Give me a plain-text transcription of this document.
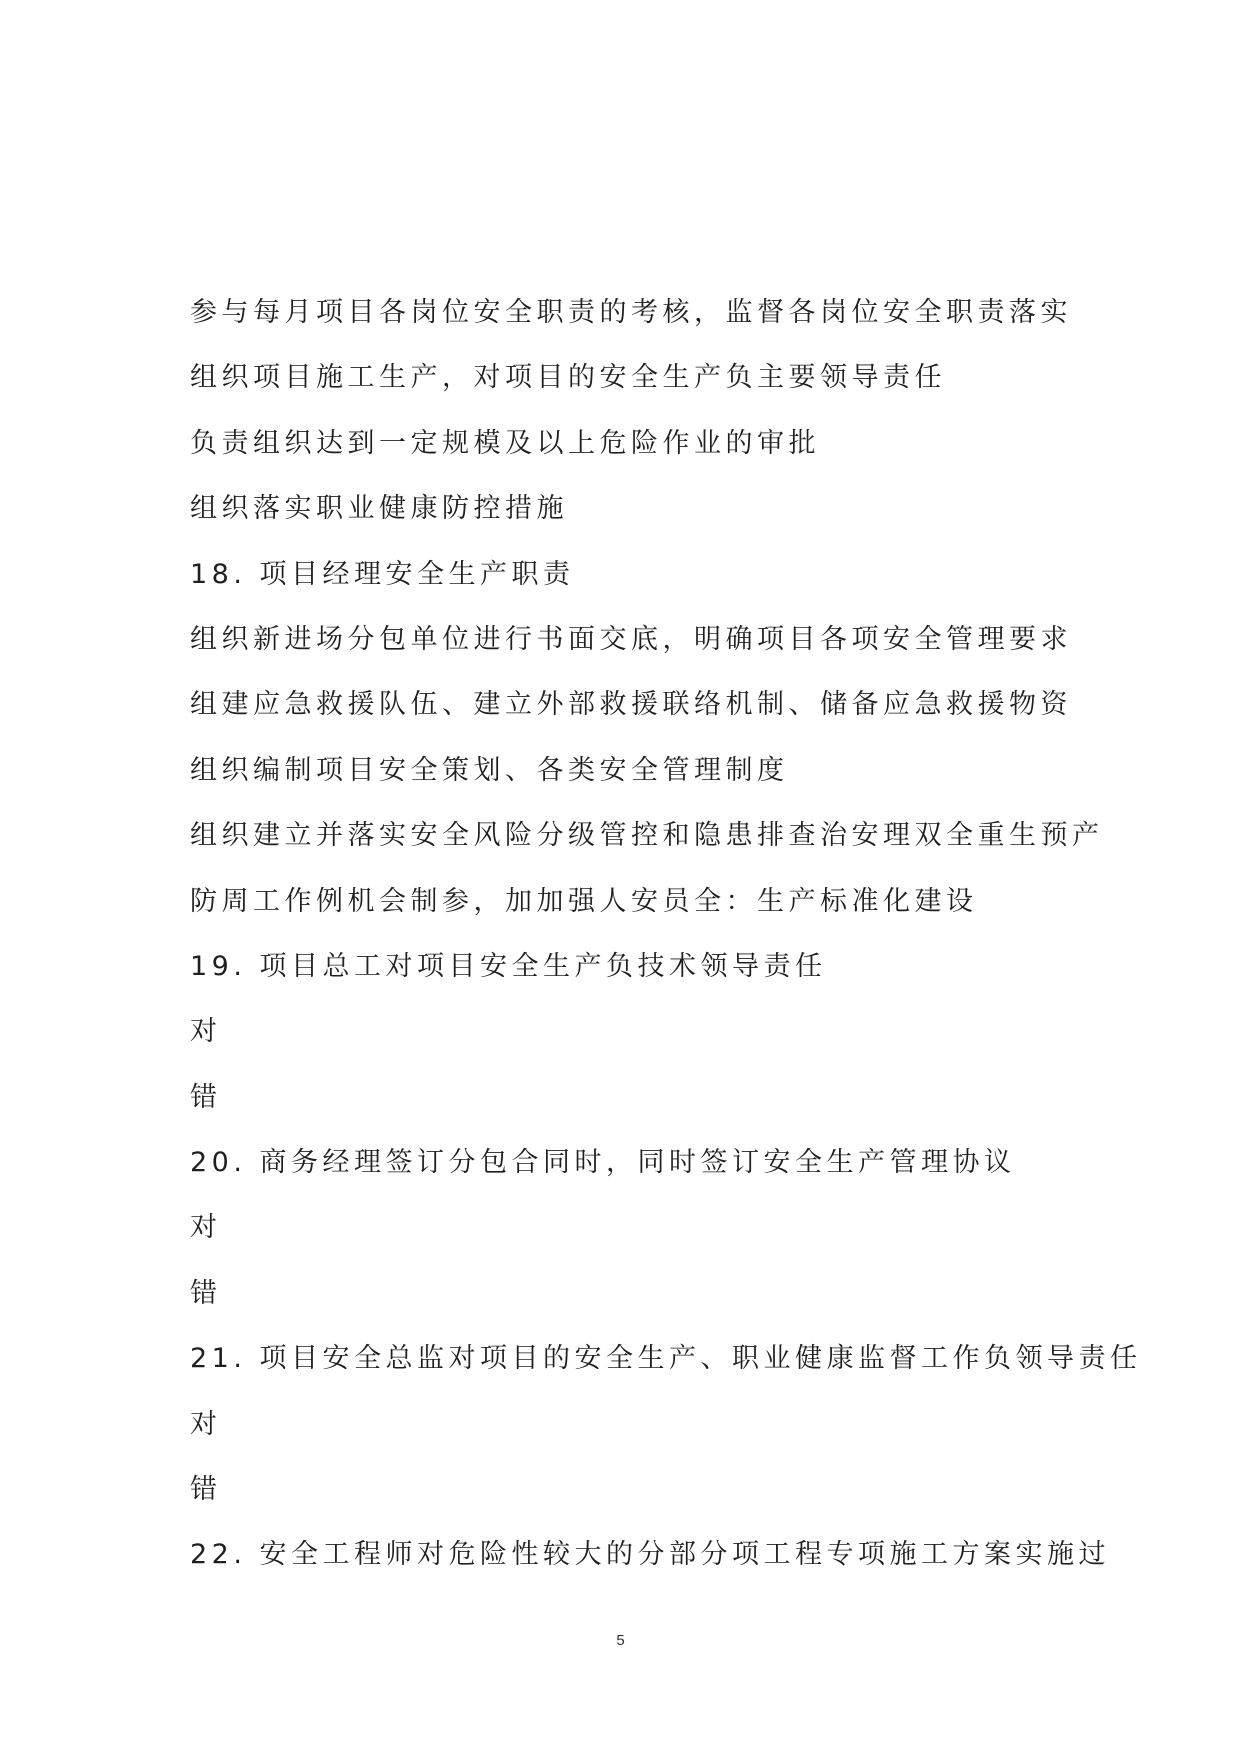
参与每月项目各岗位安全职责的考核，监督各岗位安全职责落实
组织项目施工生产，对项目的安全生产负主要领导责任
负责组织达到一定规模及以上危险作业的审批
组织落实职业健康防控措施
18. 项目经理安全生产职责
组织新进场分包单位进行书面交底，明确项目各项安全管理要求
组建应急救援队伍、建立外部救援联络机制、储备应急救援物资
组织编制项目安全策划、各类安全管理制度
组织建立并落实安全风险分级管控和隐患排查治安理双全重生预产
防周工作例机会制参，加加强人安员全：生产标准化建设
19. 项目总工对项目安全生产负技术领导责任
对
错
20. 商务经理签订分包合同时，同时签订安全生产管理协议
对
错
21. 项目安全总监对项目的安全生产、职业健康监督工作负领导责任
对
错
22. 安全工程师对危险性较大的分部分项工程专项施工方案实施过
5
